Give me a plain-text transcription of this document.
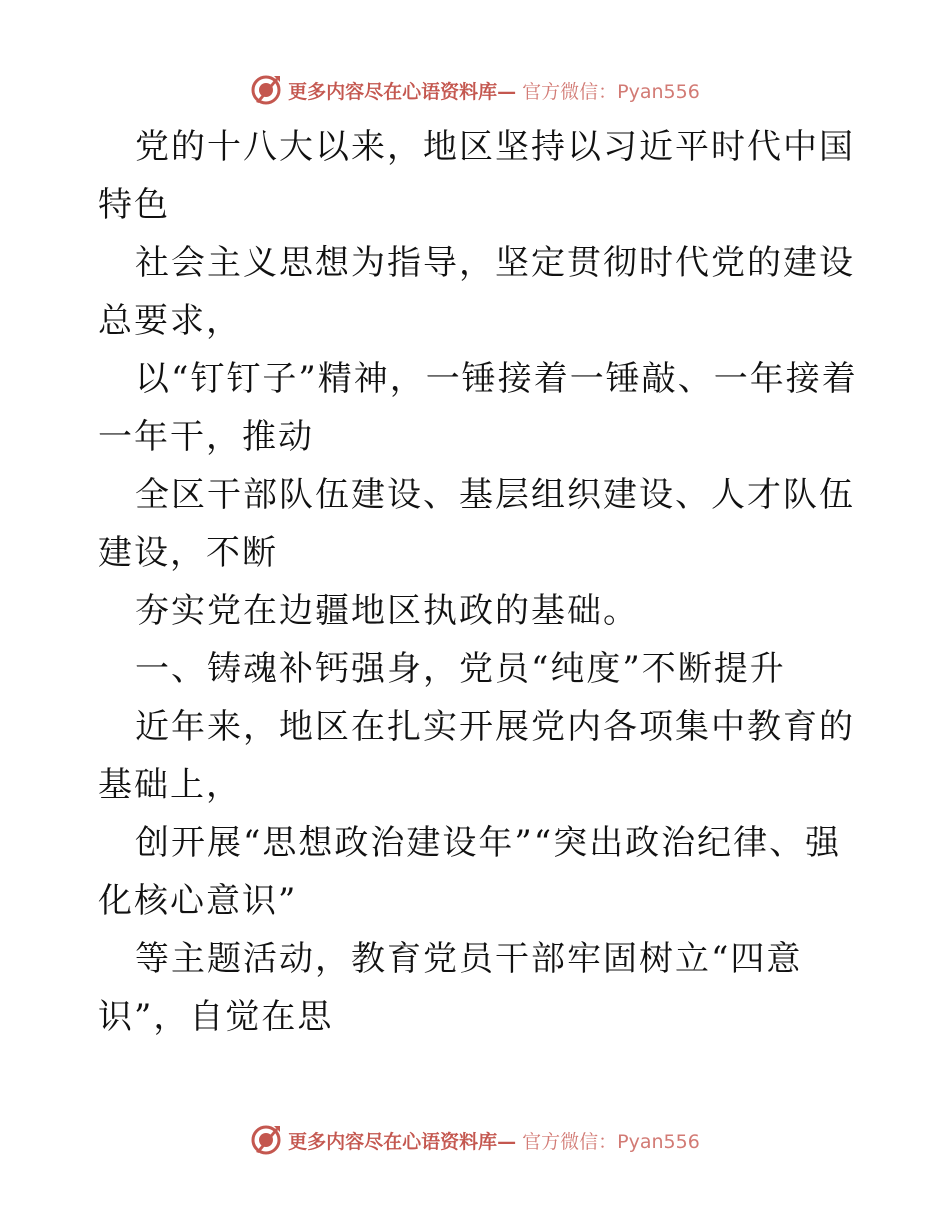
更多内容尽在心语资料库— 官方微信：Pyan556

党的十八大以来，地区坚持以习近平时代中国特色

社会主义思想为指导，坚定贯彻时代党的建设总要求，

以“钉钉子”精神，一锤接着一锤敲、一年接着一年干，推动

全区干部队伍建设、基层组织建设、人才队伍建设，不断

夯实党在边疆地区执政的基础。

一、铸魂补钙强身，党员“纯度”不断提升

近年来，地区在扎实开展党内各项集中教育的基础上，

创开展“思想政治建设年”“突出政治纪律、强化核心意识”

等主题活动，教育党员干部牢固树立“四意识”，自觉在思

更多内容尽在心语资料库— 官方微信：Pyan556
